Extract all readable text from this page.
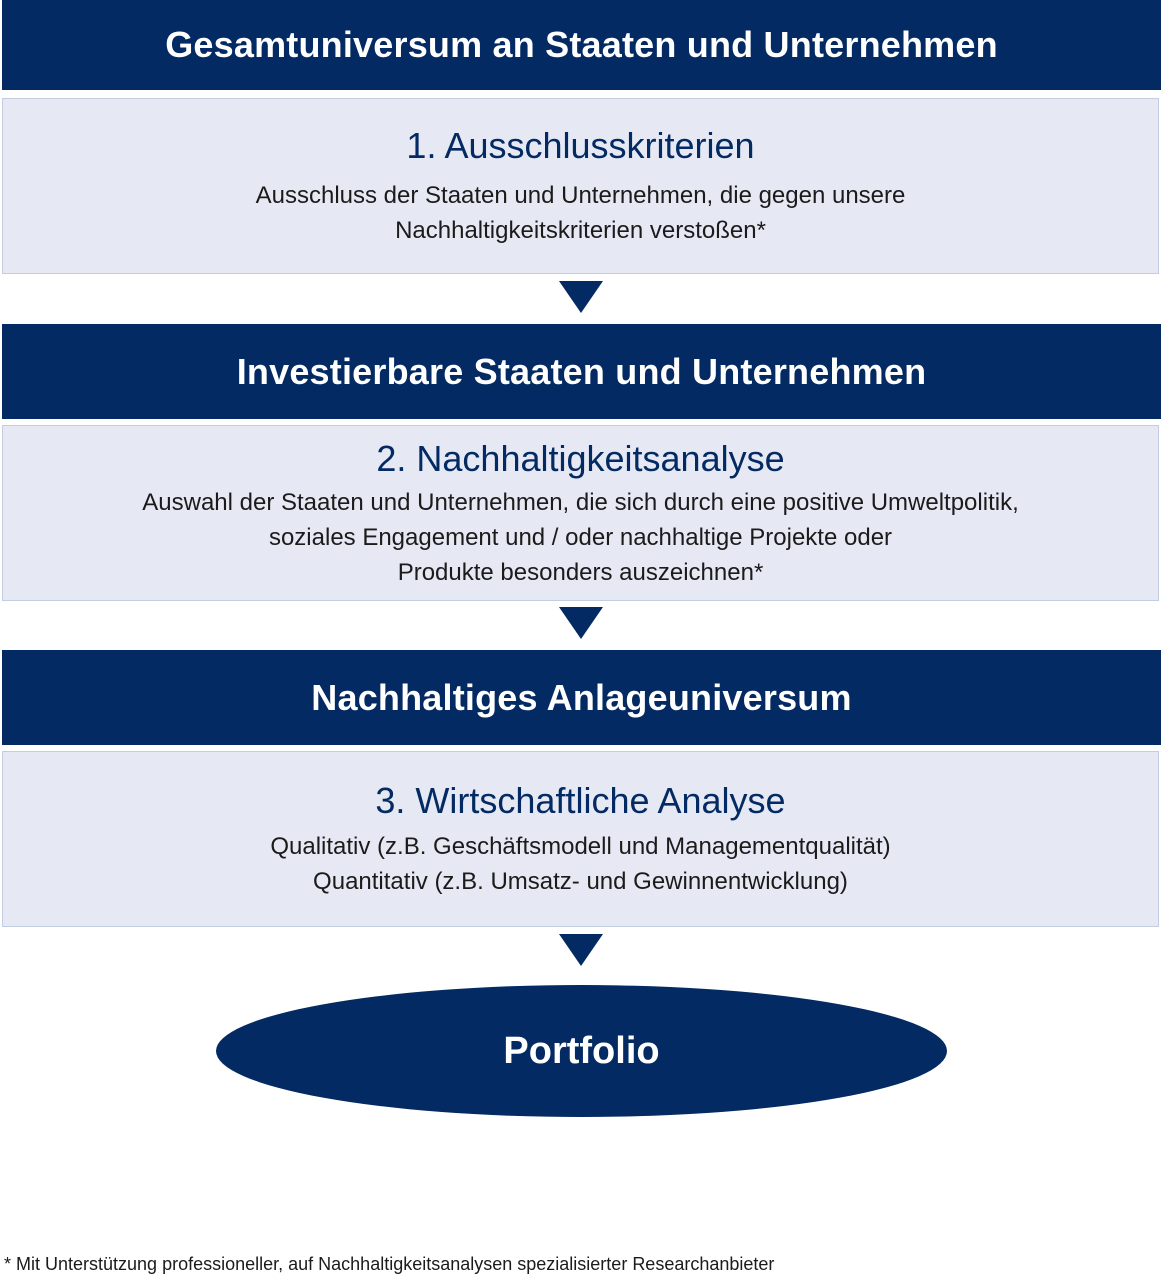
Gesamtuniversum an Staaten und Unternehmen

1. Ausschlusskriterien

Ausschluss der Staaten und Unternehmen, die gegen unsere

Nachhaltigkeitskriterien verstoßen*

Investierbare Staaten und Unternehmen

2. Nachhaltigkeitsanalyse

Auswahl der Staaten und Unternehmen, die sich durch eine positive Umweltpolitik,

soziales Engagement und / oder nachhaltige Projekte oder

Produkte besonders auszeichnen*

Nachhaltiges Anlageuniversum

3. Wirtschaftliche Analyse

Qualitativ (z.B. Geschäftsmodell und Managementqualität)

Quantitativ (z.B. Umsatz- und Gewinnentwicklung)

Portfolio
* Mit Unterstützung professioneller, auf Nachhaltigkeitsanalysen spezialisierter Researchanbieter
